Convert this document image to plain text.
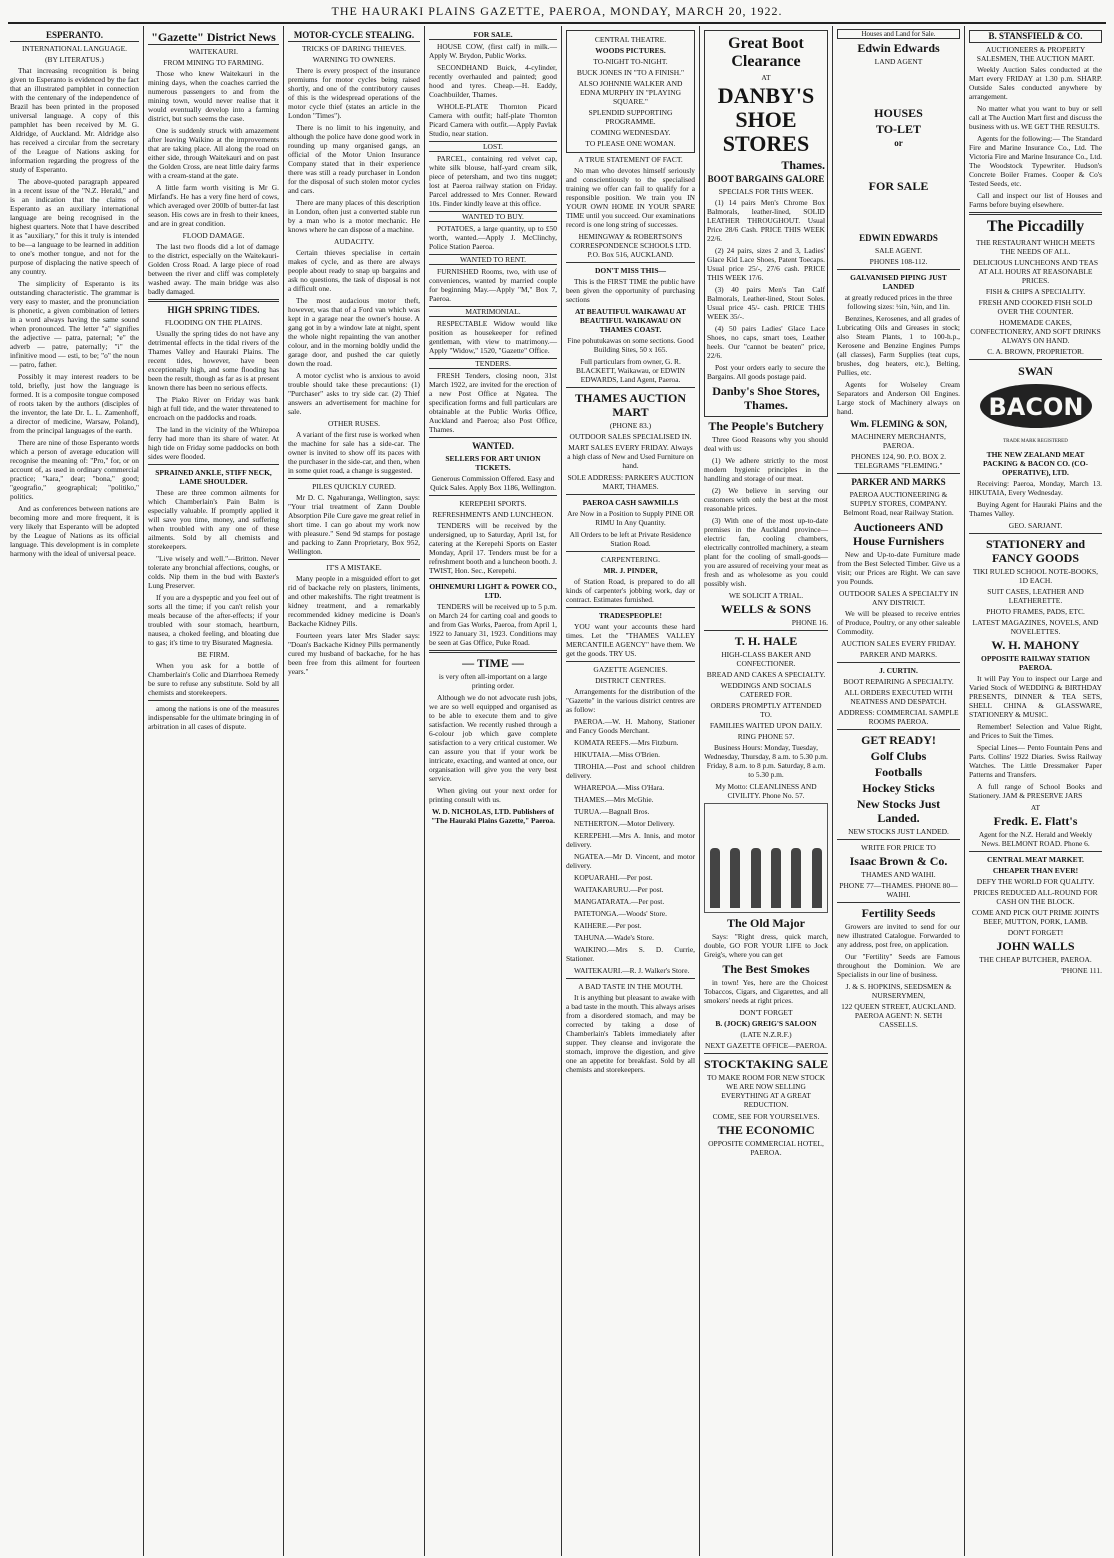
THE HAURAKI PLAINS GAZETTE, PAEROA, MONDAY, MARCH 20, 1922.
ESPERANTO.
INTERNATIONAL LANGUAGE.
(BY LITERATUS.)

That increasing recognition is being given to Esperanto is evidenced by the fact that an illustrated pamphlet in connection with the centenary of the independence of Brazil has been printed in the proposed universal language. A copy of this pamphlet has been received by M. G. Aldridge, of Auckland. Mr. Aldridge also has received a circular from the secretary of the League of Nations asking for information regarding the progress of the study of Esperanto.

The above-quoted paragraph appeared in a recent issue of the "N.Z. Herald," and is an indication that the claims of Esperanto as an auxiliary international language are being recognised in the highest quarters. Note that I have described it as "auxiliary," for this it truly is intended to be—a language to be learned in addition to one's mother tongue, and not for the purpose of displacing the native speech of any country.

The simplicity of Esperanto is its outstanding characteristic. The grammar is very easy to master, and the pronunciation is phonetic, a given combination of letters in a word always having the same sound when pronounced. The letter "a" signifies the adjective — patra, paternal; "e" the adverb — patre, paternally; "i" the infinitive mood — esti, to be; "o" the noun — patro, father.

Possibly it may interest readers to be told, briefly, just how the language is formed. It is a composite tongue composed of roots taken by the authors (disciples of the inventor, the late Dr. L. L. Zamenhoff, a director of medicine, Warsaw, Poland), from the principal languages of the earth.

There are nine of those Esperanto words which a person of average education will recognise the meaning of: "Pro," for, or on account of, as used in ordinary commercial practice; "kara," dear; "bona," good; "geografio," geographical; "politiko," politics.

And as conferences between nations are becoming more and more frequent, it is very likely that Esperanto will be adopted by the League of Nations as its official language. This development is in complete harmony with the ideal of universal peace.

"Gazette" District News
WAITEKAURI.
FROM MINING TO FARMING.

Those who knew Waitekauri in the mining days, when the coaches carried the numerous passengers to and from the mining town, would never realise that it would eventually develop into a farming district, but such seems the case.

One is suddenly struck with amazement after leaving Waikino at the improvements that are taking place. All along the road on either side, through Waitekauri and on past the Golden Cross, are neat little dairy farms with a cream-stand at the gate.

A little farm worth visiting is Mr G. Mirfand's. He has a very fine herd of cows, which averaged over 200lb of butter-fat last season. His cows are in fresh to their knees, and are in great condition.

FLOOD DAMAGE.

The last two floods did a lot of damage to the district, especially on the Waitekauri-Golden Cross Road. A large piece of road between the river and cliff was completely washed away. The main bridge was also badly damaged.

HIGH SPRING TIDES.
FLOODING ON THE PLAINS.

Usually the spring tides do not have any detrimental effects in the tidal rivers of the Thames Valley and Hauraki Plains. The recent tides, however, have been exceptionally high, and some flooding has been the result, though as far as is at present known there has been no serious effects.

The Piako River on Friday was bank high at full tide, and the water threatened to encroach on the paddocks and roads.

The land in the vicinity of the Whirepoa ferry had more than its share of water. At high tide on Friday some paddocks on both sides were flooded.

SPRAINED ANKLE, STIFF NECK, LAME SHOULDER.

These are three common ailments for which Chamberlain's Pain Balm is especially valuable. If promptly applied it will save you time, money, and suffering when troubled with any one of these ailments. Sold by all chemists and storekeepers.

"Live wisely and well."—Britton. Never tolerate any bronchial affections, coughs, or colds. Nip them in the bud with Baxter's Lung Preserver.

If you are a dyspeptic and you feel out of sorts all the time; if you can't relish your meals because of the after-effects; if your troubled with sour stomach, heartburn, nausea, a choked feeling, and bloating due to gas; it's time to try Bisurated Magnesia.

BE FIRM.

When you ask for a bottle of Chamberlain's Colic and Diarrhoea Remedy be sure to refuse any substitute. Sold by all chemists and storekeepers.

among the nations is one of the measures indispensable for the ultimate bringing in of arbitration in all cases of dispute.

MOTOR-CYCLE STEALING.
TRICKS OF DARING THIEVES.
WARNING TO OWNERS.

There is every prospect of the insurance premiums for motor cycles being raised shortly, and one of the contributory causes of this is the widespread operations of the motor cycle thief (states an article in the London "Times").

There is no limit to his ingenuity, and although the police have done good work in rounding up many organised gangs, an official of the Motor Union Insurance Company stated that in their experience there was still a ready purchaser in London for the disposal of such stolen motor cycles and cars.

There are many places of this description in London, often just a converted stable run by a man who is a motor mechanic. He knows where he can dispose of a machine.

AUDACITY.

Certain thieves specialise in certain makes of cycle, and as there are always people about ready to snap up bargains and ask no questions, the task of disposal is not a difficult one.

The most audacious motor theft, however, was that of a Ford van which was kept in a garage near the owner's house. A gang got in by a window late at night, spent the whole night repainting the van another colour, and in the morning boldly undid the garage door, and pushed the car quietly down the road.

A motor cyclist who is anxious to avoid trouble should take these precautions: (1) "Purchaser" asks to try side car. (2) Thief answers an advertisement for machine for sale.

OTHER RUSES.

A variant of the first ruse is worked when the machine for sale has a side-car. The owner is invited to show off its paces with the purchaser in the side-car, and then, when in some quiet road, a change is suggested.

PILES QUICKLY CURED.

Mr D. C. Ngahuranga, Wellington, says: "Your trial treatment of Zann Double Absorption Pile Cure gave me great relief in short time. I can go about my work now with pleasure." Send 9d stamps for postage and packing to Zann Proprietary, Box 952, Wellington.

IT'S A MISTAKE.

Many people in a misguided effort to get rid of backache rely on plasters, liniments, and other makeshifts. The right treatment is kidney treatment, and a remarkably recommended kidney medicine is Doan's Backache Kidney Pills.

Fourteen years later Mrs Slader says: "Doan's Backache Kidney Pills permanently cured my husband of backache, for he has been free from this ailment for fourteen years."

FOR SALE.

HOUSE COW, (first calf) in milk.—Apply W. Brydon, Public Works.

SECONDHAND Buick, 4-cylinder, recently overhauled and painted; good hood and tyres. Cheap.—H. Eaddy, Coachbuilder, Thames.

WHOLE-PLATE Thornton Picard Camera with outfit; half-plate Thornton Picard Camera with outfit.—Apply Pavlak Studio, near station.

LOST.

PARCEL, containing red velvet cap, white silk blouse, half-yard cream silk, piece of petersham, and two tins nugget; lost at Paeroa railway station on Friday. Parcel addressed to Mrs Conner. Reward 10s. Finder kindly leave at this office.

WANTED TO BUY.

POTATOES, a large quantity, up to £50 worth, wanted.—Apply J. McClinchy, Police Station Paeroa.

WANTED TO RENT.

FURNISHED Rooms, two, with use of conveniences, wanted by married couple for beginning May.—Apply "M," Box 7, Paeroa.

MATRIMONIAL.

RESPECTABLE Widow would like position as housekeeper for refined gentleman, with view to matrimony.—Apply "Widow," 1520, "Gazette" Office.

TENDERS.

FRESH Tenders, closing noon, 31st March 1922, are invited for the erection of a new Post Office at Ngatea. The specification forms and full particulars are obtainable at the Public Works Office, Auckland and Paeroa; also Post Office, Thames.

WANTED.
SELLERS FOR ART UNION TICKETS.

Generous Commission Offered. Easy and Quick Sales. Apply Box 1186, Wellington.

KEREPEHI SPORTS.
REFRESHMENTS AND LUNCHEON.

TENDERS will be received by the undersigned, up to Saturday, April 1st, for catering at the Kerepehi Sports on Easter Monday, April 17. Tenders must be for a refreshment booth and a luncheon booth. J. TWIST, Hon. Sec., Kerepehi.

OHINEMURI LIGHT & POWER CO., LTD.

TENDERS will be received up to 5 p.m. on March 24 for carting coal and goods to and from Gas Works, Paeroa, from April 1, 1922 to January 31, 1923. Conditions may be seen at Gas Office, Puke Road.

— TIME —

is very often all-important on a large printing order.

Although we do not advocate rush jobs, we are so well equipped and organised as to be able to execute them and to give satisfaction. We recently rushed through a 6-colour job which gave complete satisfaction to a very critical customer. We can assure you that if your work be intricate, exacting, and wanted at once, our organisation will give you the very best service.

When giving out your next order for printing consult with us.

W. D. NICHOLAS, LTD. Publishers of "The Hauraki Plains Gazette," Paeroa.

CENTRAL THEATRE.
WOODS PICTURES.
TO-NIGHT TO-NIGHT.
BUCK JONES IN "TO A FINISH."
ALSO JOHNNIE WALKER AND EDNA MURPHY IN "PLAYING SQUARE."
SPLENDID SUPPORTING PROGRAMME.
COMING WEDNESDAY.
TO PLEASE ONE WOMAN.
A TRUE STATEMENT OF FACT.

No man who devotes himself seriously and conscientiously to the specialised training we offer can fail to qualify for a responsible position. We train you IN YOUR OWN HOME IN YOUR SPARE TIME until you succeed. Our examinations record is one long string of successes.

HEMINGWAY & ROBERTSON'S CORRESPONDENCE SCHOOLS LTD. P.O. Box 516, AUCKLAND.

DON'T MISS THIS—

This is the FIRST TIME the public have been given the opportunity of purchasing sections

AT BEAUTIFUL WAIKAWAU AT BEAUTIFUL WAIKAWAU ON THAMES COAST.

Fine pohutukawas on some sections. Good Building Sites, 50 x 165.

Full particulars from owner, G. R. BLACKETT, Waikawau, or EDWIN EDWARDS, Land Agent, Paeroa.

THAMES AUCTION MART
(PHONE 83.)
OUTDOOR SALES SPECIALISED IN.

MART SALES EVERY FRIDAY. Always a high class of New and Used Furniture on hand.

SOLE ADDRESS: PARKER'S AUCTION MART, THAMES.

PAEROA CASH SAWMILLS

Are Now in a Position to Supply PINE OR RIMU In Any Quantity.

All Orders to be left at Private Residence Station Road.

CARPENTERING.
MR. J. PINDER,

of Station Road, is prepared to do all kinds of carpenter's jobbing work, day or contract. Estimates furnished.

TRADESPEOPLE!

YOU want your accounts these hard times. Let the "THAMES VALLEY MERCANTILE AGENCY" have them. We get the goods. TRY US.

GAZETTE AGENCIES.
DISTRICT CENTRES.

Arrangements for the distribution of the "Gazette" in the various district centres are as follow:

PAEROA.—W. H. Mahony, Stationer and Fancy Goods Merchant.

KOMATA REEFS.—Mrs Fitzburn.

HIKUTAIA.—Miss O'Brien.

TIROHIA.—Post and school children delivery.

WHAREPOA.—Miss O'Hara.

THAMES.—Mrs McGhie.

TURUA.—Bagnall Bros.

NETHERTON.—Motor Delivery.

KEREPEHI.—Mrs A. Innis, and motor delivery.

NGATEA.—Mr D. Vincent, and motor delivery.

KOPUARAHI.—Per post.

WAITAKARURU.—Per post.

MANGATARATA.—Per post.

PATETONGA.—Woods' Store.

KAIHERE.—Per post.

TAHUNA.—Wade's Store.

WAIKINO.—Mrs S. D. Currie, Stationer.

WAITEKAURI.—R. J. Walker's Store.

A BAD TASTE IN THE MOUTH.

It is anything but pleasant to awake with a bad taste in the mouth. This always arises from a disordered stomach, and may be corrected by taking a dose of Chamberlain's Tablets immediately after supper. They cleanse and invigorate the stomach, improve the digestion, and give one an appetite for breakfast. Sold by all chemists and storekeepers.

Great Boot Clearance
AT
DANBY'S SHOE STORES
Thames.
BOOT BARGAINS GALORE
SPECIALS FOR THIS WEEK.

(1) 14 pairs Men's Chrome Box Balmorals, leather-lined, SOLID LEATHER THROUGHOUT. Usual Price 28/6 Cash. PRICE THIS WEEK 22/6.

(2) 24 pairs, sizes 2 and 3, Ladies' Glace Kid Lace Shoes, Patent Toecaps. Usual price 25/-, 27/6 cash. PRICE THIS WEEK 17/6.

(3) 40 pairs Men's Tan Calf Balmorals, Leather-lined, Stout Soles. Usual price 45/- cash. PRICE THIS WEEK 35/-.

(4) 50 pairs Ladies' Glace Lace Shoes, no caps, smart toes, Leather heels. Our "cannot be beaten" price, 22/6.

Post your orders early to secure the Bargains. All goods postage paid.

Danby's Shoe Stores, Thames.
The People's Butchery

Three Good Reasons why you should deal with us:

(1) We adhere strictly to the most modern hygienic principles in the handling and storage of our meat.

(2) We believe in serving our customers with only the best at the most reasonable prices.

(3) With one of the most up-to-date premises in the Auckland province—electric fan, cooling chambers, electrically controlled machinery, a steam plant for the cooling of small-goods—you are assured of receiving your meat as fresh and as wholesome as you could possibly wish.

WE SOLICIT A TRIAL.
WELLS & SONS
PHONE 16.
T. H. HALE
HIGH-CLASS BAKER AND CONFECTIONER.
BREAD AND CAKES A SPECIALTY.
WEDDINGS AND SOCIALS CATERED FOR.
ORDERS PROMPTLY ATTENDED TO.
FAMILIES WAITED UPON DAILY.
RING PHONE 57.

Business Hours: Monday, Tuesday, Wednesday, Thursday, 8 a.m. to 5.30 p.m. Friday, 8 a.m. to 8 p.m. Saturday, 8 a.m. to 5.30 p.m.

My Motto: CLEANLINESS AND CIVILITY. Phone No. 57.

The Old Major

Says: "Right dress, quick march, double, GO FOR YOUR LIFE to Jock Greig's, where you can get

The Best Smokes

in town! Yes, here are the Choicest Tobaccos, Cigars, and Cigarettes, and all smokers' needs at right prices.

DON'T FORGET
B. (JOCK) GREIG'S SALOON
(LATE N.Z.R.F.)
NEXT GAZETTE OFFICE—PAEROA.
STOCKTAKING SALE

TO MAKE ROOM FOR NEW STOCK WE ARE NOW SELLING EVERYTHING AT A GREAT REDUCTION.

COME, SEE FOR YOURSELVES.
THE ECONOMIC
OPPOSITE COMMERCIAL HOTEL, PAEROA.
Houses and Land for Sale.
Edwin Edwards
LAND AGENT
HOUSES
TO-LET
or
FOR SALE
EDWIN EDWARDS
SALE AGENT.
PHONES 108-112.
GALVANISED PIPING JUST LANDED

at greatly reduced prices in the three following sizes: ½in, ¾in, and 1in.

Benzines, Kerosenes, and all grades of Lubricating Oils and Greases in stock; also Steam Plants, 1 to 100-h.p., Kerosene and Benzine Engines Pumps (all classes), Farm Supplies (teat cups, brushes, dog heaters, etc.), Belting, Pullies, etc.

Agents for Wolseley Cream Separators and Anderson Oil Engines. Large stock of Machinery always on hand.

Wm. FLEMING & SON,
MACHINERY MERCHANTS, PAEROA.
PHONES 124, 90. P.O. BOX 2. TELEGRAMS "FLEMING."
PARKER AND MARKS

PAEROA AUCTIONEERING & SUPPLY STORES, COMPANY. Belmont Road, near Railway Station.

Auctioneers AND House Furnishers

New and Up-to-date Furniture made from the Best Selected Timber. Give us a visit; our Prices are Right. We can save you Pounds.

OUTDOOR SALES A SPECIALTY IN ANY DISTRICT.

We will be pleased to receive entries of Produce, Poultry, or any other saleable Commodity.

AUCTION SALES EVERY FRIDAY.
PARKER AND MARKS.
J. CURTIN.
BOOT REPAIRING A SPECIALTY.
ALL ORDERS EXECUTED WITH NEATNESS AND DESPATCH.
ADDRESS: COMMERCIAL SAMPLE ROOMS PAEROA.
GET READY!
Golf Clubs
Footballs
Hockey Sticks
New Stocks Just Landed.
NEW STOCKS JUST LANDED.
WRITE FOR PRICE TO
Isaac Brown & Co.
THAMES AND WAIHI.
PHONE 77—THAMES. PHONE 80—WAIHI.
Fertility Seeds

Growers are invited to send for our new illustrated Catalogue. Forwarded to any address, post free, on application.

Our "Fertility" Seeds are Famous throughout the Dominion. We are Specialists in our line of business.

J. & S. HOPKINS, SEEDSMEN & NURSERYMEN,
122 QUEEN STREET, AUCKLAND. PAEROA AGENT: N. SETH CASSELLS.
B. STANSFIELD & CO.
AUCTIONEERS & PROPERTY SALESMEN, THE AUCTION MART.

Weekly Auction Sales conducted at the Mart every FRIDAY at 1.30 p.m. SHARP. Outside Sales conducted anywhere by arrangement.

No matter what you want to buy or sell call at The Auction Mart first and discuss the business with us. WE GET THE RESULTS.

Agents for the following:— The Standard Fire and Marine Insurance Co., Ltd. The Victoria Fire and Marine Insurance Co., Ltd. The Woodstock Typewriter. Hudson's Concrete Boiler Frames. Cooper & Co's Tested Seeds, etc.

Call and inspect our list of Houses and Farms before buying elsewhere.

The Piccadilly
THE RESTAURANT WHICH MEETS THE NEEDS OF ALL.
DELICIOUS LUNCHEONS AND TEAS AT ALL HOURS AT REASONABLE PRICES.
FISH & CHIPS A SPECIALITY.
FRESH AND COOKED FISH SOLD OVER THE COUNTER.
HOMEMADE CAKES, CONFECTIONERY, AND SOFT DRINKS ALWAYS ON HAND.
C. A. BROWN, PROPRIETOR.
SWAN
BACON
TRADE MARK REGISTERED
THE NEW ZEALAND MEAT PACKING & BACON CO. (CO-OPERATIVE), LTD.

Receiving: Paeroa, Monday, March 13. HIKUTAIA, Every Wednesday.

Buying Agent for Hauraki Plains and the Thames Valley.

GEO. SARJANT.
STATIONERY and FANCY GOODS
TIKI RULED SCHOOL NOTE-BOOKS, 1D EACH.
SUIT CASES, LEATHER AND LEATHERETTE.
PHOTO FRAMES, PADS, ETC.
LATEST MAGAZINES, NOVELS, AND NOVELETTES.
W. H. MAHONY
OPPOSITE RAILWAY STATION PAEROA.

It will Pay You to inspect our Large and Varied Stock of WEDDING & BIRTHDAY PRESENTS, DINNER & TEA SETS, SHELL CHINA & GLASSWARE, STATIONERY & MUSIC.

Remember! Selection and Value Right, and Prices to Suit the Times.

Special Lines— Pento Fountain Pens and Parts. Collins' 1922 Diaries. Swiss Railway Watches. The Little Dressmaker Paper Patterns and Transfers.

A full range of School Books and Stationery. JAM & PRESERVE JARS

AT
Fredk. E. Flatt's

Agent for the N.Z. Herald and Weekly News. BELMONT ROAD. Phone 6.

CENTRAL MEAT MARKET.
CHEAPER THAN EVER!
DEFY THE WORLD FOR QUALITY.
PRICES REDUCED ALL-ROUND FOR CASH ON THE BLOCK.
COME AND PICK OUT PRIME JOINTS BEEF, MUTTON, PORK, LAMB.
DON'T FORGET!
JOHN WALLS
THE CHEAP BUTCHER, PAEROA.
'PHONE 111.
